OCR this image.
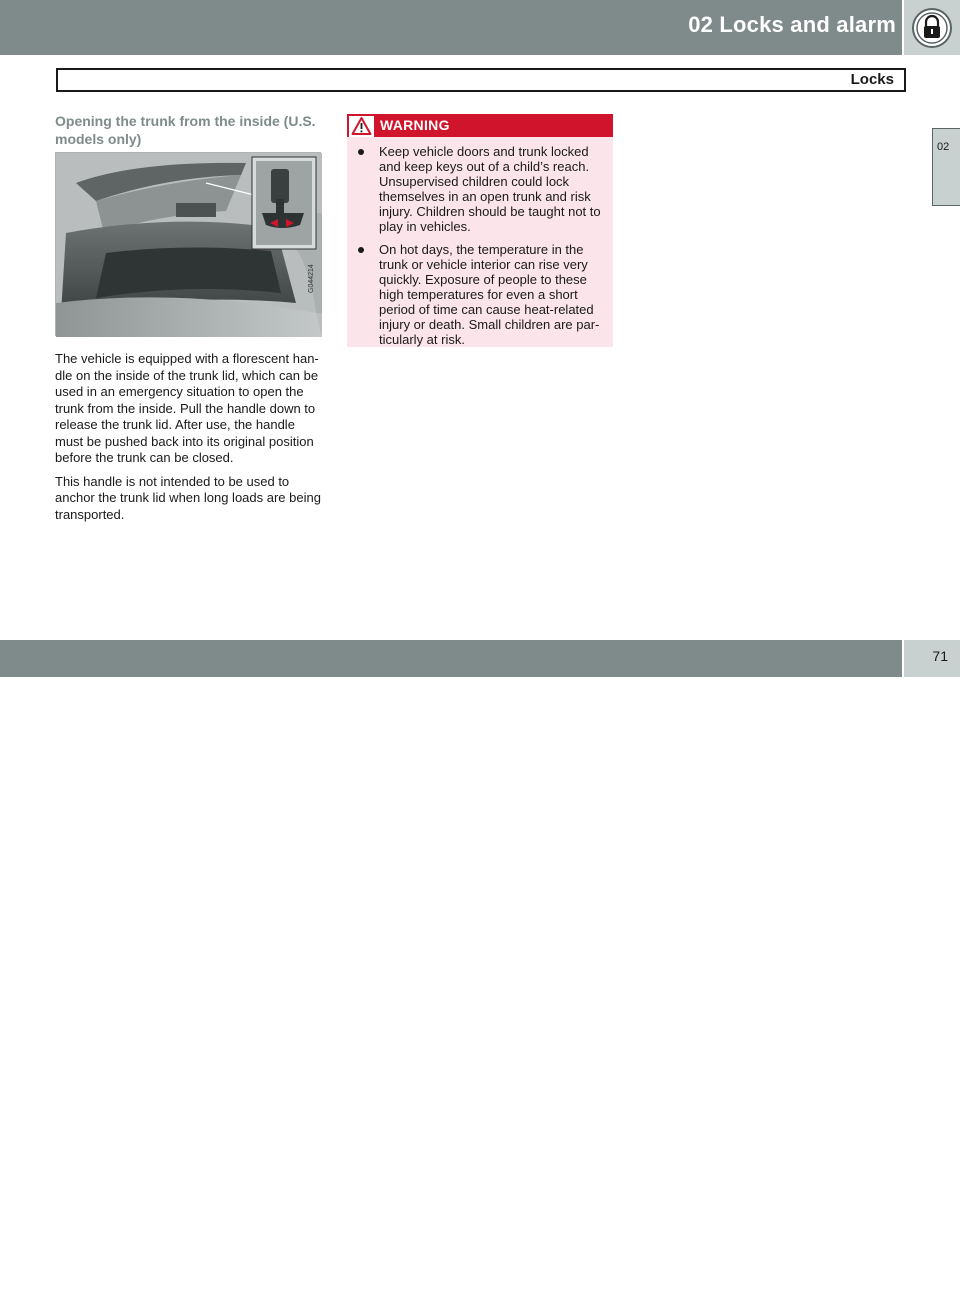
02 Locks and alarm
Locks
02
Opening the trunk from the inside (U.S. models only)
G044214

The vehicle is equipped with a florescent han-dle on the inside of the trunk lid, which can be used in an emergency situation to open the trunk from the inside. Pull the handle down to release the trunk lid. After use, the handle must be pushed back into its original position before the trunk can be closed.

This handle is not intended to be used to anchor the trunk lid when long loads are being transported.

WARNING
Keep vehicle doors and trunk locked and keep keys out of a child’s reach. Unsupervised children could lock themselves in an open trunk and risk injury. Children should be taught not to play in vehicles.
On hot days, the temperature in the trunk or vehicle interior can rise very quickly. Exposure of people to these high temperatures for even a short period of time can cause heat-related injury or death. Small children are par-ticularly at risk.
carmanualsonline.info
71
